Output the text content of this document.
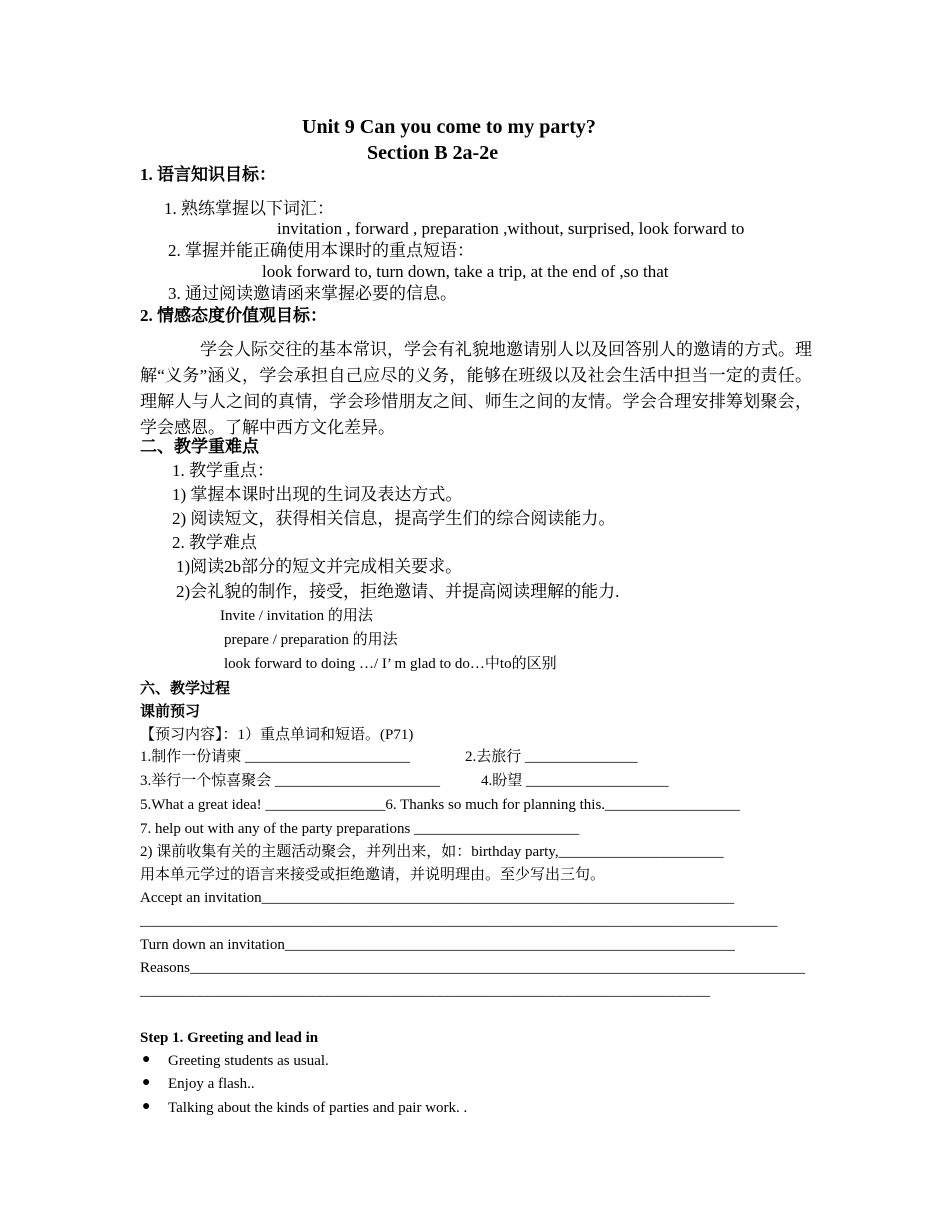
Unit 9 Can you come to my party?
Section B 2a-2e
1. 语言知识目标：
1. 熟练掌握以下词汇：
invitation , forward , preparation ,without, surprised, look forward to
2. 掌握并能正确使用本课时的重点短语：
look forward to, turn down, take a trip, at the end of ,so that
3. 通过阅读邀请函来掌握必要的信息。
2. 情感态度价值观目标：
学会人际交往的基本常识，学会有礼貌地邀请别人以及回答别人的邀请的方式。理解“义务”涵义，学会承担自己应尽的义务，能够在班级以及社会生活中担当一定的责任。理解人与人之间的真情，学会珍惜朋友之间、师生之间的友情。学会合理安排筹划聚会，学会感恩。了解中西方文化差异。
二、教学重难点
1. 教学重点：
1) 掌握本课时出现的生词及表达方式。
2) 阅读短文，获得相关信息，提高学生们的综合阅读能力。
2. 教学难点
1)阅读2b部分的短文并完成相关要求。
2)会礼貌的制作，接受，拒绝邀请、并提高阅读理解的能力.
Invite / invitation 的用法
prepare / preparation 的用法
look forward to doing …/ I’ m glad to do…中to的区别
六、教学过程
课前预习
【预习内容】：1）重点单词和短语。(P71)
1.制作一份请柬 ______________________	2.去旅行 _______________
3.举行一个惊喜聚会 ______________________	4.盼望 ___________________
5.What a great idea! ________________6. Thanks so much for planning this.__________________
7. help out with any of the party preparations ______________________
2) 课前收集有关的主题活动聚会，并列出来，如：birthday party,______________________
用本单元学过的语言来接受或拒绝邀请，并说明理由。至少写出三句。
Accept an invitation_______________________________________________________________
_____________________________________________________________________________________
Turn down an invitation____________________________________________________________
Reasons__________________________________________________________________________________
____________________________________________________________________________
Step 1. Greeting and lead in
● Greeting students as usual.
● Enjoy a flash..
● Talking about the kinds of parties and pair work. .
